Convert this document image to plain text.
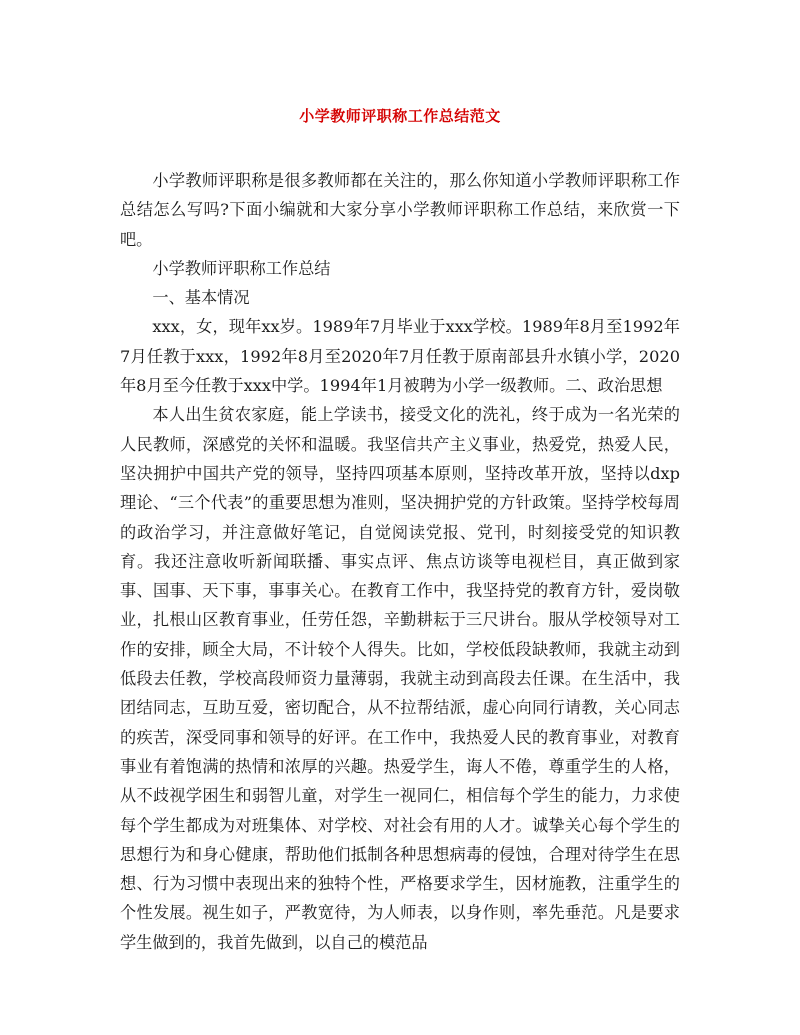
小学教师评职称工作总结范文

小学教师评职称是很多教师都在关注的，那么你知道小学教师评职称工作总结怎么写吗?下面小编就和大家分享小学教师评职称工作总结，来欣赏一下吧。

小学教师评职称工作总结

一、基本情况

xxx，女，现年xx岁。1989年7月毕业于xxx学校。1989年8月至1992年7月任教于xxx，1992年8月至2020年7月任教于原南部县升水镇小学，2020年8月至今任教于xxx中学。1994年1月被聘为小学一级教师。二、政治思想

本人出生贫农家庭，能上学读书，接受文化的洗礼，终于成为一名光荣的人民教师，深感党的关怀和温暖。我坚信共产主义事业，热爱党，热爱人民，坚决拥护中国共产党的领导，坚持四项基本原则，坚持改革开放，坚持以dxp理论、“三个代表”的重要思想为准则，坚决拥护党的方针政策。坚持学校每周的政治学习，并注意做好笔记，自觉阅读党报、党刊，时刻接受党的知识教育。我还注意收听新闻联播、事实点评、焦点访谈等电视栏目，真正做到家事、国事、天下事，事事关心。在教育工作中，我坚持党的教育方针，爱岗敬业，扎根山区教育事业，任劳任怨，辛勤耕耘于三尺讲台。服从学校领导对工作的安排，顾全大局，不计较个人得失。比如，学校低段缺教师，我就主动到低段去任教，学校高段师资力量薄弱，我就主动到高段去任课。在生活中，我团结同志，互助互爱，密切配合，从不拉帮结派，虚心向同行请教，关心同志的疾苦，深受同事和领导的好评。在工作中，我热爱人民的教育事业，对教育事业有着饱满的热情和浓厚的兴趣。热爱学生，诲人不倦，尊重学生的人格，从不歧视学困生和弱智儿童，对学生一视同仁，相信每个学生的能力，力求使每个学生都成为对班集体、对学校、对社会有用的人才。诚挚关心每个学生的思想行为和身心健康，帮助他们抵制各种思想病毒的侵蚀，合理对待学生在思想、行为习惯中表现出来的独特个性，严格要求学生，因材施教，注重学生的个性发展。视生如子，严教宽待，为人师表，以身作则，率先垂范。凡是要求学生做到的，我首先做到，以自己的模范品
